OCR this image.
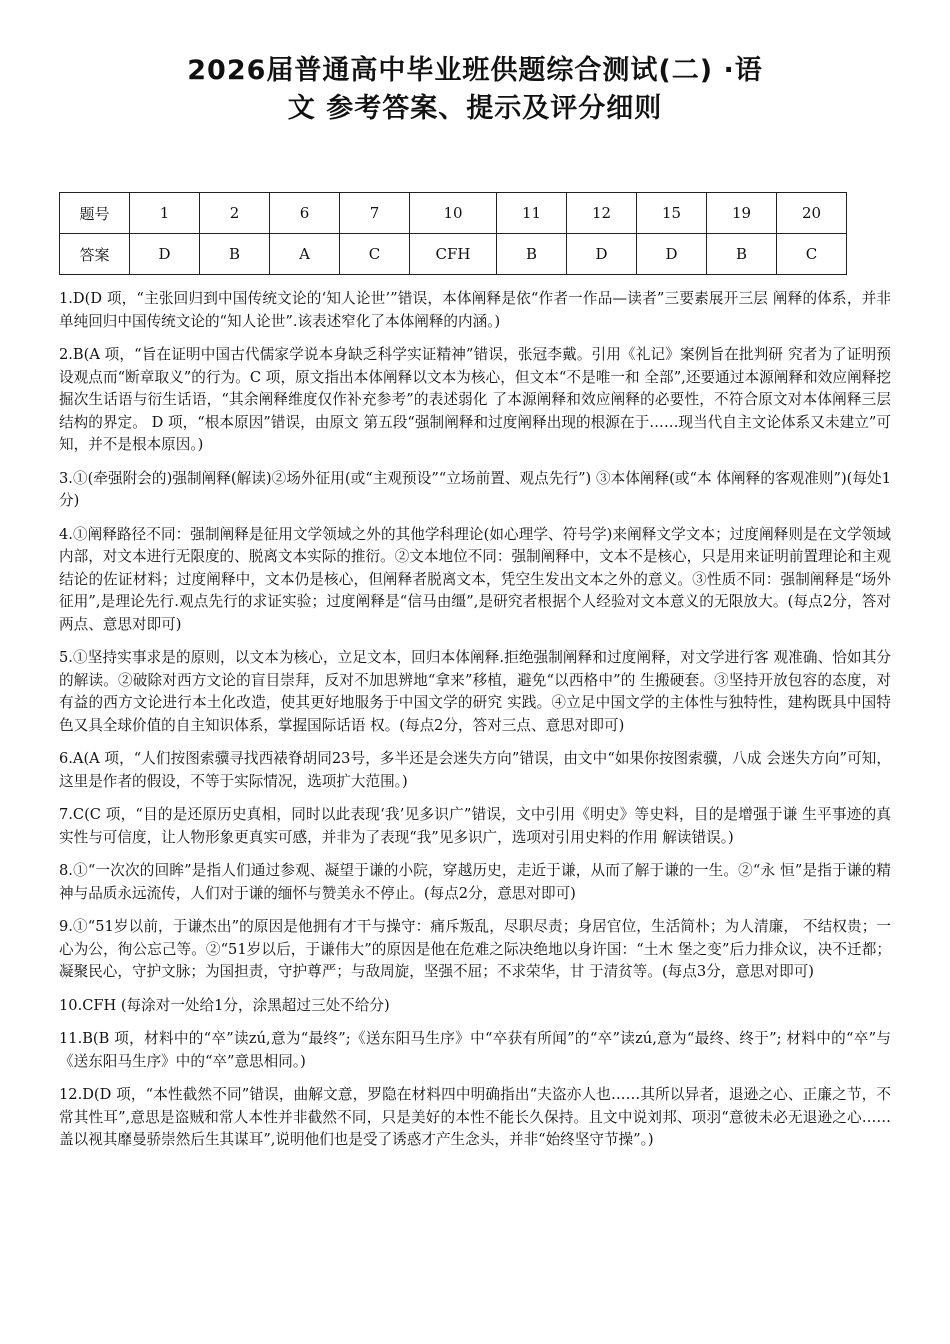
2026届普通高中毕业班供题综合测试(二) ·语
文 参考答案、提示及评分细则
题号	1	2	6	7	10	11	12	15	19	20
答案	D	B	A	C	CFH	B	D	D	B	C

1.D(D 项，“主张回归到中国传统文论的‘知人论世’”错误，本体阐释是依“作者一作品—读者”三要素展开三层 阐释的体系，并非单纯回归中国传统文论的“知人论世”.该表述窄化了本体阐释的内涵。)

2.B(A 项，“旨在证明中国古代儒家学说本身缺乏科学实证精神”错误，张冠李戴。引用《礼记》案例旨在批判研 究者为了证明预设观点而“断章取义”的行为。C 项，原文指出本体阐释以文本为核心，但文本“不是唯一和 全部”,还要通过本源阐释和效应阐释挖掘次生话语与衍生话语，“其余阐释维度仅作补充参考”的表述弱化 了本源阐释和效应阐释的必要性，不符合原文对本体阐释三层结构的界定。 D 项，“根本原因”错误，由原文 第五段“强制阐释和过度阐释出现的根源在于……现当代自主文论体系又未建立”可知，并不是根本原因。)

3.①(牵强附会的)强制阐释(解读)②场外征用(或“主观预设”“立场前置、观点先行”) ③本体阐释(或“本 体阐释的客观准则”)(每处1分)

4.①阐释路径不同：强制阐释是征用文学领域之外的其他学科理论(如心理学、符号学)来阐释文学文本；过度阐释则是在文学领域内部，对文本进行无限度的、脱离文本实际的推衍。②文本地位不同：强制阐释中，文本不是核心，只是用来证明前置理论和主观结论的佐证材料；过度阐释中，文本仍是核心，但阐释者脱离文本，凭空生发出文本之外的意义。③性质不同：强制阐释是“场外征用”,是理论先行.观点先行的求证实验；过度阐释是“信马由缰”,是研究者根据个人经验对文本意义的无限放大。(每点2分，答对两点、意思对即可)

5.①坚持实事求是的原则，以文本为核心，立足文本，回归本体阐释.拒绝强制阐释和过度阐释，对文学进行客 观准确、恰如其分的解读。②破除对西方文论的盲目崇拜，反对不加思辨地“拿来”移植，避免“以西格中”的 生搬硬套。③坚持开放包容的态度，对有益的西方文论进行本土化改造，使其更好地服务于中国文学的研究 实践。④立足中国文学的主体性与独特性，建构既具中国特色又具全球价值的自主知识体系，掌握国际话语 权。(每点2分，答对三点、意思对即可)

6.A(A 项，“人们按图索骥寻找西裱脊胡同23号，多半还是会迷失方向”错误，由文中“如果你按图索骥，八成 会迷失方向”可知，这里是作者的假设，不等于实际情况，选项扩大范围。)

7.C(C 项，“目的是还原历史真相，同时以此表现‘我’见多识广”错误，文中引用《明史》等史料，目的是增强于谦 生平事迹的真实性与可信度，让人物形象更真实可感，并非为了表现“我”见多识广，选项对引用史料的作用 解读错误。)

8.①“一次次的回眸”是指人们通过参观、凝望于谦的小院，穿越历史，走近于谦，从而了解于谦的一生。②“永 恒”是指于谦的精神与品质永远流传，人们对于谦的缅怀与赞美永不停止。(每点2分，意思对即可)

9.①“51岁以前，于谦杰出”的原因是他拥有才干与操守：痛斥叛乱，尽职尽责；身居官位，生活简朴；为人清廉， 不结权贵；一心为公，徇公忘己等。②“51岁以后，于谦伟大”的原因是他在危难之际决绝地以身许国：“土木 堡之变”后力排众议，决不迁都；凝聚民心，守护文脉；为国担责，守护尊严；与敌周旋，坚强不屈；不求荣华，甘 于清贫等。(每点3分，意思对即可)

10.CFH (每涂对一处给1分，涂黑超过三处不给分)

11.B(B 项，材料中的“卒”读zú,意为“最终”;《送东阳马生序》中“卒获有所闻”的“卒”读zú,意为“最终、终于”; 材料中的“卒”与《送东阳马生序》中的“卒”意思相同。)

12.D(D 项，“本性截然不同”错误，曲解文意，罗隐在材料四中明确指出“夫盗亦人也……其所以异者，退逊之心、正廉之节，不常其性耳”,意思是盗贼和常人本性并非截然不同，只是美好的本性不能长久保持。且文中说刘邦、项羽“意彼未必无退逊之心……盖以视其靡曼骄崇然后生其谋耳”,说明他们也是受了诱惑才产生念头，并非“始终坚守节操”。)
